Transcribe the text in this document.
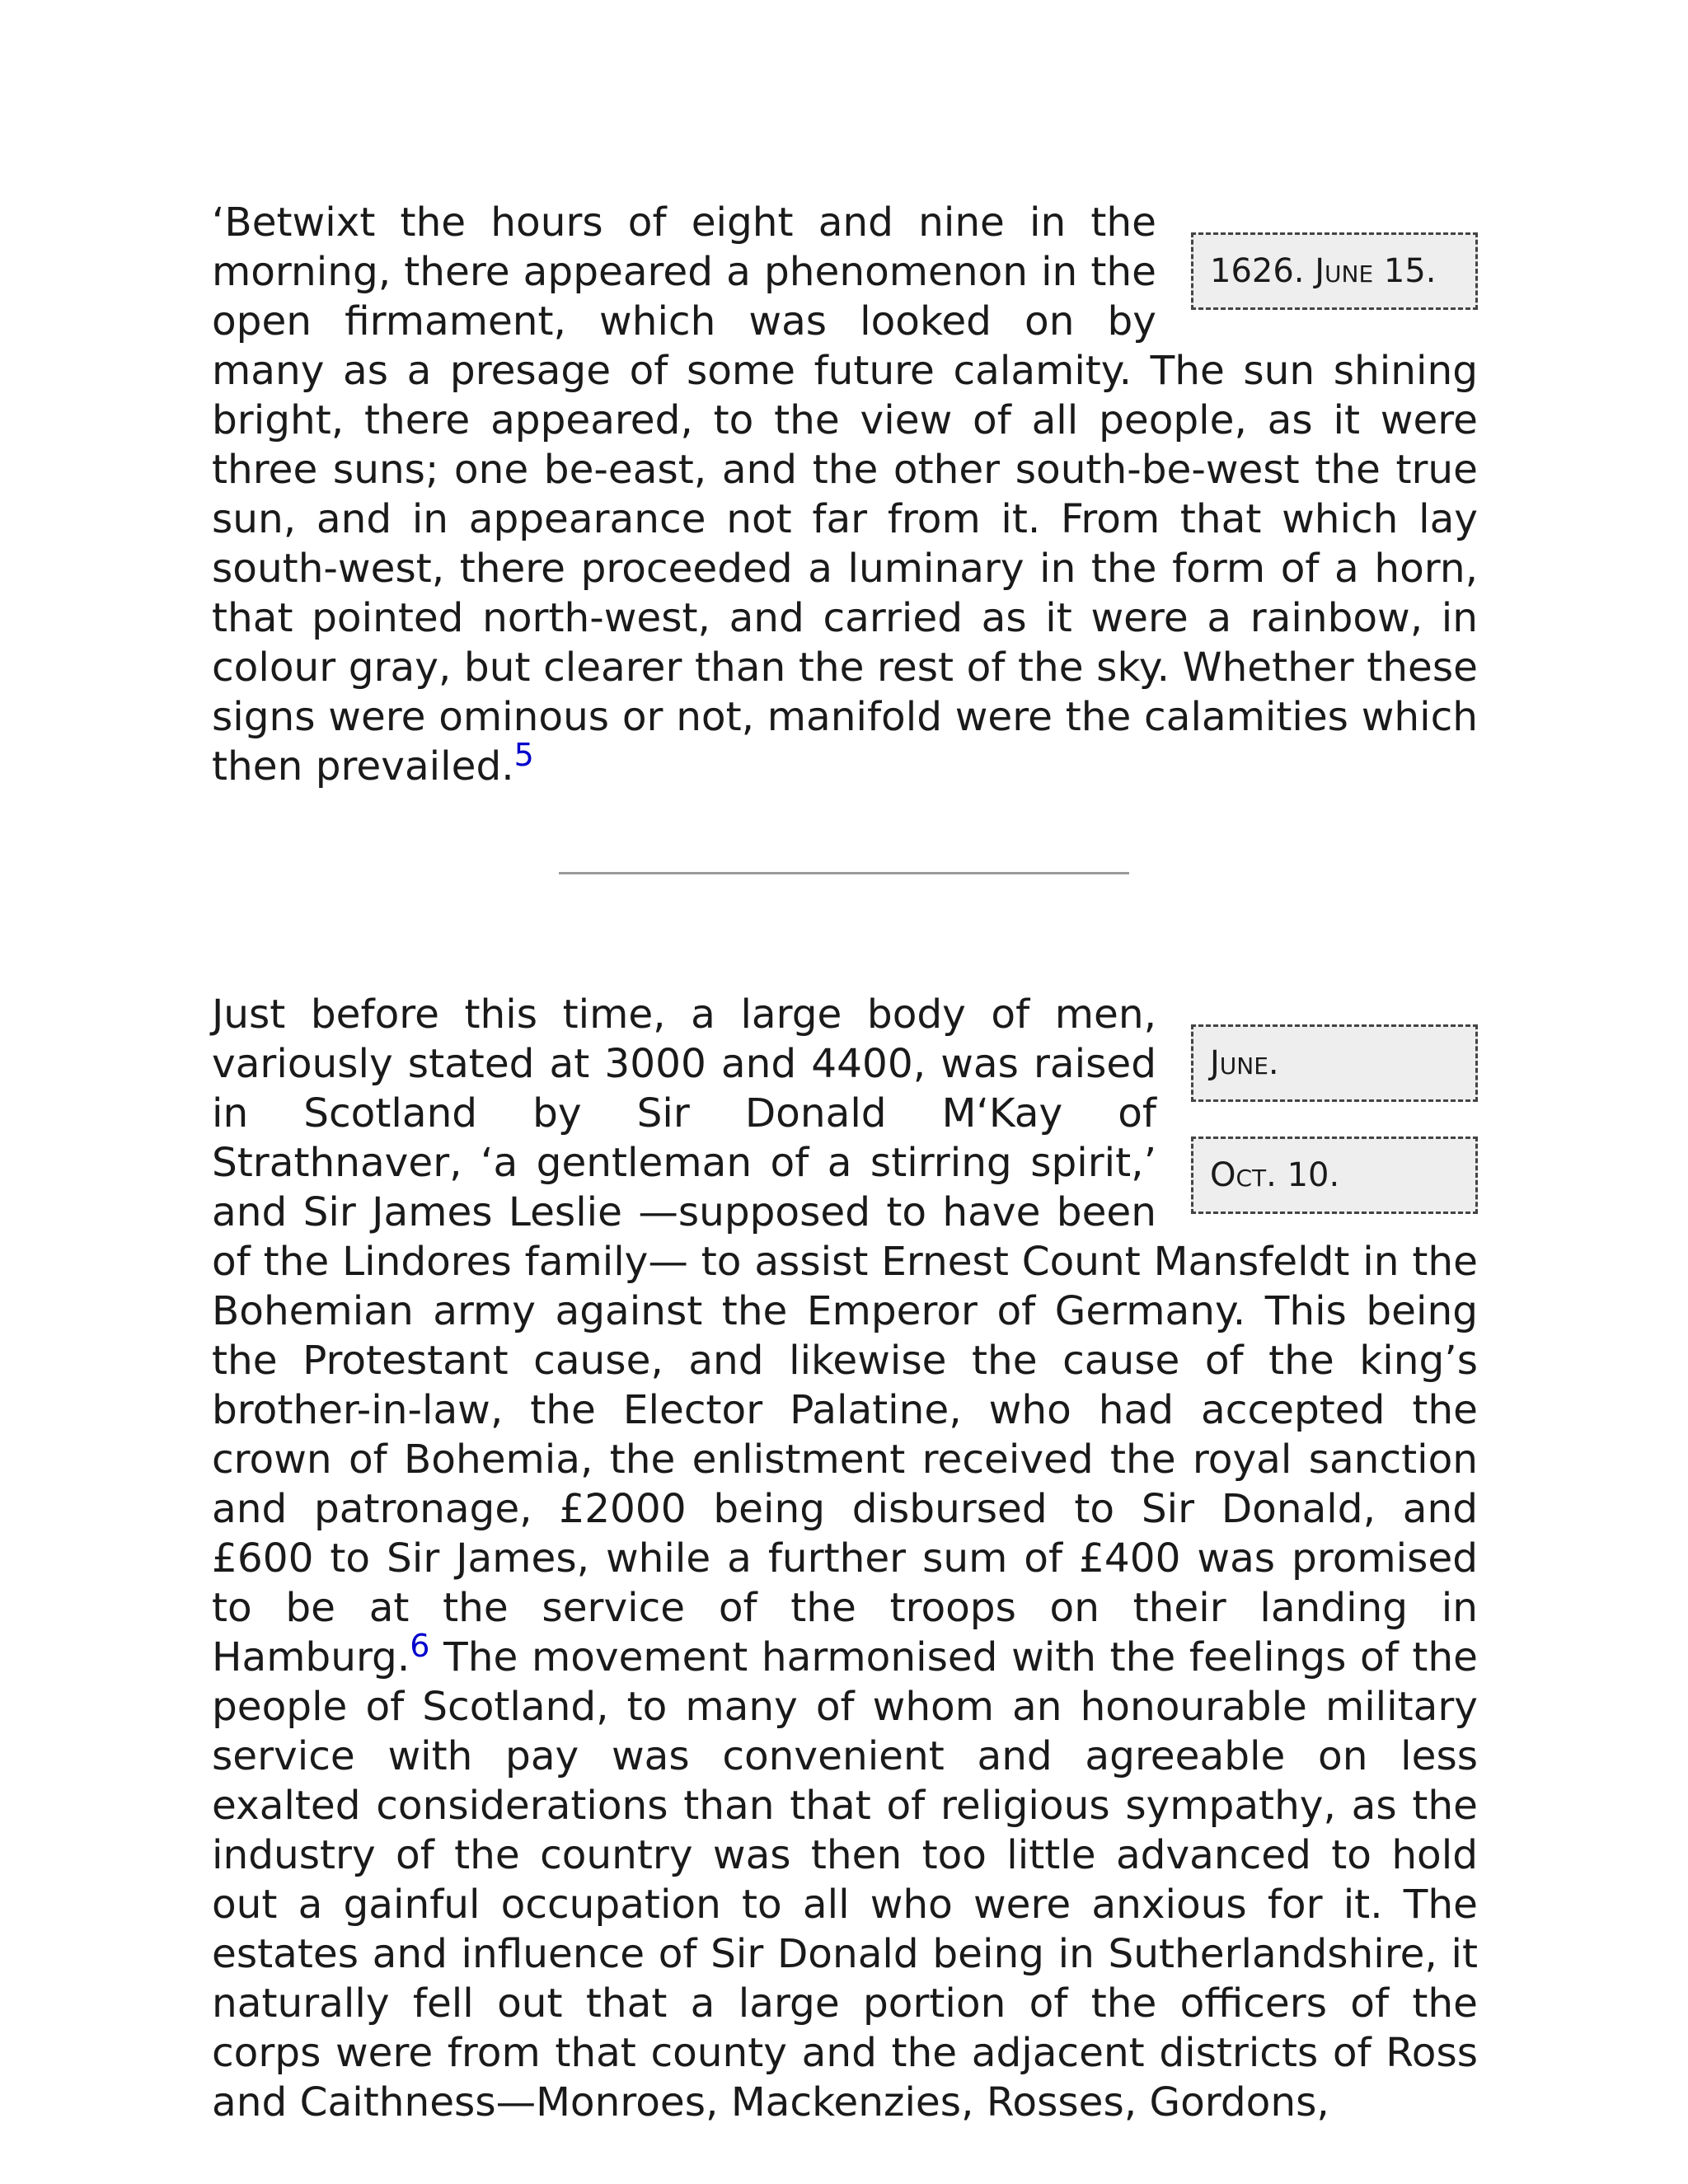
1626. June 15.
‘Betwixt the hours of eight and nine in the morning, there appeared a phenomenon in the open firmament, which was looked on by many as a presage of some future calamity. The sun shining bright, there appeared, to the view of all people, as it were three suns; one be-east, and the other south-be-west the true sun, and in appearance not far from it. From that which lay south-west, there proceeded a luminary in the form of a horn, that pointed north-west, and carried as it were a rainbow, in colour gray, but clearer than the rest of the sky. Whether these signs were ominous or not, manifold were the calamities which then prevailed.$^5$

June.
Oct. 10.
Just before this time, a large body of men, variously stated at 3000 and 4400, was raised in Scotland by Sir Donald M‘Kay of Strathnaver, ‘a gentleman of a stirring spirit,’ and Sir James Leslie —supposed to have been of the Lindores family— to assist Ernest Count Mansfeldt in the Bohemian army against the Emperor of Germany. This being the Protestant cause, and likewise the cause of the king’s brother-in-law, the Elector Palatine, who had accepted the crown of Bohemia, the enlistment received the royal sanction and patronage, £2000 being disbursed to Sir Donald, and £600 to Sir James, while a further sum of £400 was promised to be at the service of the troops on their landing in Hamburg.$^6$ The movement harmonised with the feelings of the people of Scotland, to many of whom an honourable military service with pay was convenient and agreeable on less exalted considerations than that of religious sympathy, as the industry of the country was then too little advanced to hold out a gainful occupation to all who were anxious for it. The estates and influence of Sir Donald being in Sutherlandshire, it naturally fell out that a large portion of the officers of the corps were from that county and the adjacent districts of Ross and Caithness—Monroes, Mackenzies, Rosses, Gordons,
